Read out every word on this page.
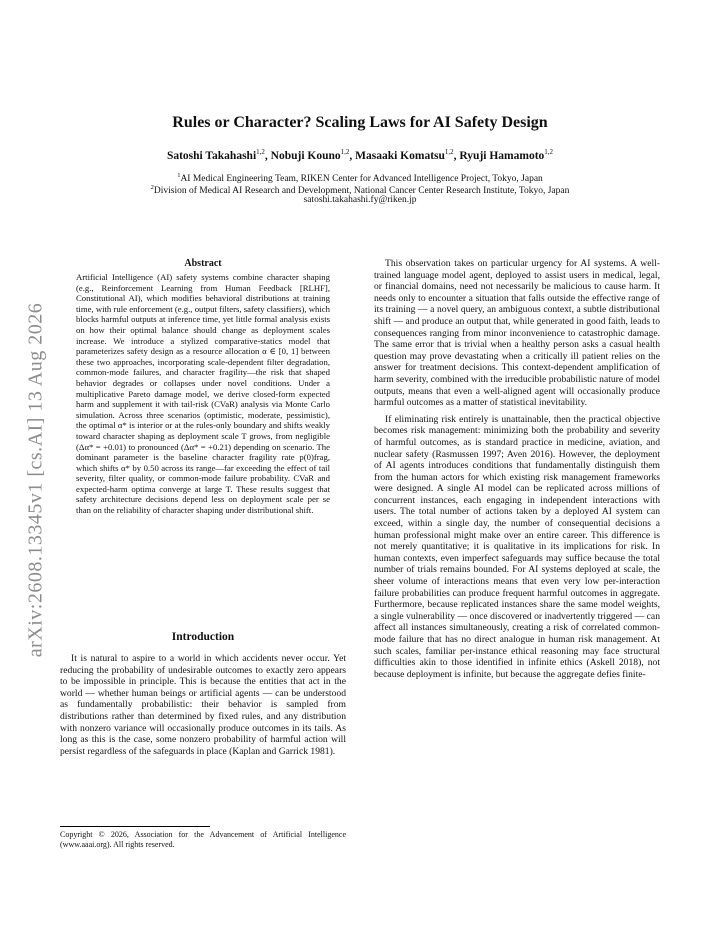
arXiv:2608.13345v1 [cs.AI] 13 Aug 2026
Rules or Character? Scaling Laws for AI Safety Design
Satoshi Takahashi$^{1,2}$, Nobuji Kouno$^{1,2}$, Masaaki Komatsu$^{1,2}$, Ryuji Hamamoto$^{1,2}$
$^1$AI Medical Engineering Team, RIKEN Center for Advanced Intelligence Project, Tokyo, Japan
$^2$Division of Medical AI Research and Development, National Cancer Center Research Institute, Tokyo, Japan
satoshi.takahashi.fy@riken.jp
Abstract

Artificial Intelligence (AI) safety systems combine character shaping (e.g., Reinforcement Learning from Human Feedback [RLHF], Constitutional AI), which modifies behavioral distributions at training time, with rule enforcement (e.g., output filters, safety classifiers), which blocks harmful outputs at inference time, yet little formal analysis exists on how their optimal balance should change as deployment scales increase. We introduce a stylized comparative-statics model that parameterizes safety design as a resource allocation α ∈ [0, 1] between these two approaches, incorporating scale-dependent filter degradation, common-mode failures, and character fragility—the risk that shaped behavior degrades or collapses under novel conditions. Under a multiplicative Pareto damage model, we derive closed-form expected harm and supplement it with tail-risk (CVaR) analysis via Monte Carlo simulation. Across three scenarios (optimistic, moderate, pessimistic), the optimal α* is interior or at the rules-only boundary and shifts weakly toward character shaping as deployment scale T grows, from negligible (Δα* = +0.01) to pronounced (Δα* = +0.21) depending on scenario. The dominant parameter is the baseline character fragility rate p(0)frag, which shifts α* by 0.50 across its range—far exceeding the effect of tail severity, filter quality, or common-mode failure probability. CVaR and expected-harm optima converge at large T. These results suggest that safety architecture decisions depend less on deployment scale per se than on the reliability of character shaping under distributional shift.

Introduction

It is natural to aspire to a world in which accidents never occur. Yet reducing the probability of undesirable outcomes to exactly zero appears to be impossible in principle. This is because the entities that act in the world — whether human beings or artificial agents — can be understood as fundamentally probabilistic: their behavior is sampled from distributions rather than determined by fixed rules, and any distribution with nonzero variance will occasionally produce outcomes in its tails. As long as this is the case, some nonzero probability of harmful action will persist regardless of the safeguards in place (Kaplan and Garrick 1981).

Copyright © 2026, Association for the Advancement of Artificial Intelligence (www.aaai.org). All rights reserved.

This observation takes on particular urgency for AI systems. A well-trained language model agent, deployed to assist users in medical, legal, or financial domains, need not necessarily be malicious to cause harm. It needs only to encounter a situation that falls outside the effective range of its training — a novel query, an ambiguous context, a subtle distributional shift — and produce an output that, while generated in good faith, leads to consequences ranging from minor inconvenience to catastrophic damage. The same error that is trivial when a healthy person asks a casual health question may prove devastating when a critically ill patient relies on the answer for treatment decisions. This context-dependent amplification of harm severity, combined with the irreducible probabilistic nature of model outputs, means that even a well-aligned agent will occasionally produce harmful outcomes as a matter of statistical inevitability.

If eliminating risk entirely is unattainable, then the practical objective becomes risk management: minimizing both the probability and severity of harmful outcomes, as is standard practice in medicine, aviation, and nuclear safety (Rasmussen 1997; Aven 2016). However, the deployment of AI agents introduces conditions that fundamentally distinguish them from the human actors for which existing risk management frameworks were designed. A single AI model can be replicated across millions of concurrent instances, each engaging in independent interactions with users. The total number of actions taken by a deployed AI system can exceed, within a single day, the number of consequential decisions a human professional might make over an entire career. This difference is not merely quantitative; it is qualitative in its implications for risk. In human contexts, even imperfect safeguards may suffice because the total number of trials remains bounded. For AI systems deployed at scale, the sheer volume of interactions means that even very low per-interaction failure probabilities can produce frequent harmful outcomes in aggregate. Furthermore, because replicated instances share the same model weights, a single vulnerability — once discovered or inadvertently triggered — can affect all instances simultaneously, creating a risk of correlated common-mode failure that has no direct analogue in human risk management. At such scales, familiar per-instance ethical reasoning may face structural difficulties akin to those identified in infinite ethics (Askell 2018), not because deployment is infinite, but because the aggregate defies finite-
